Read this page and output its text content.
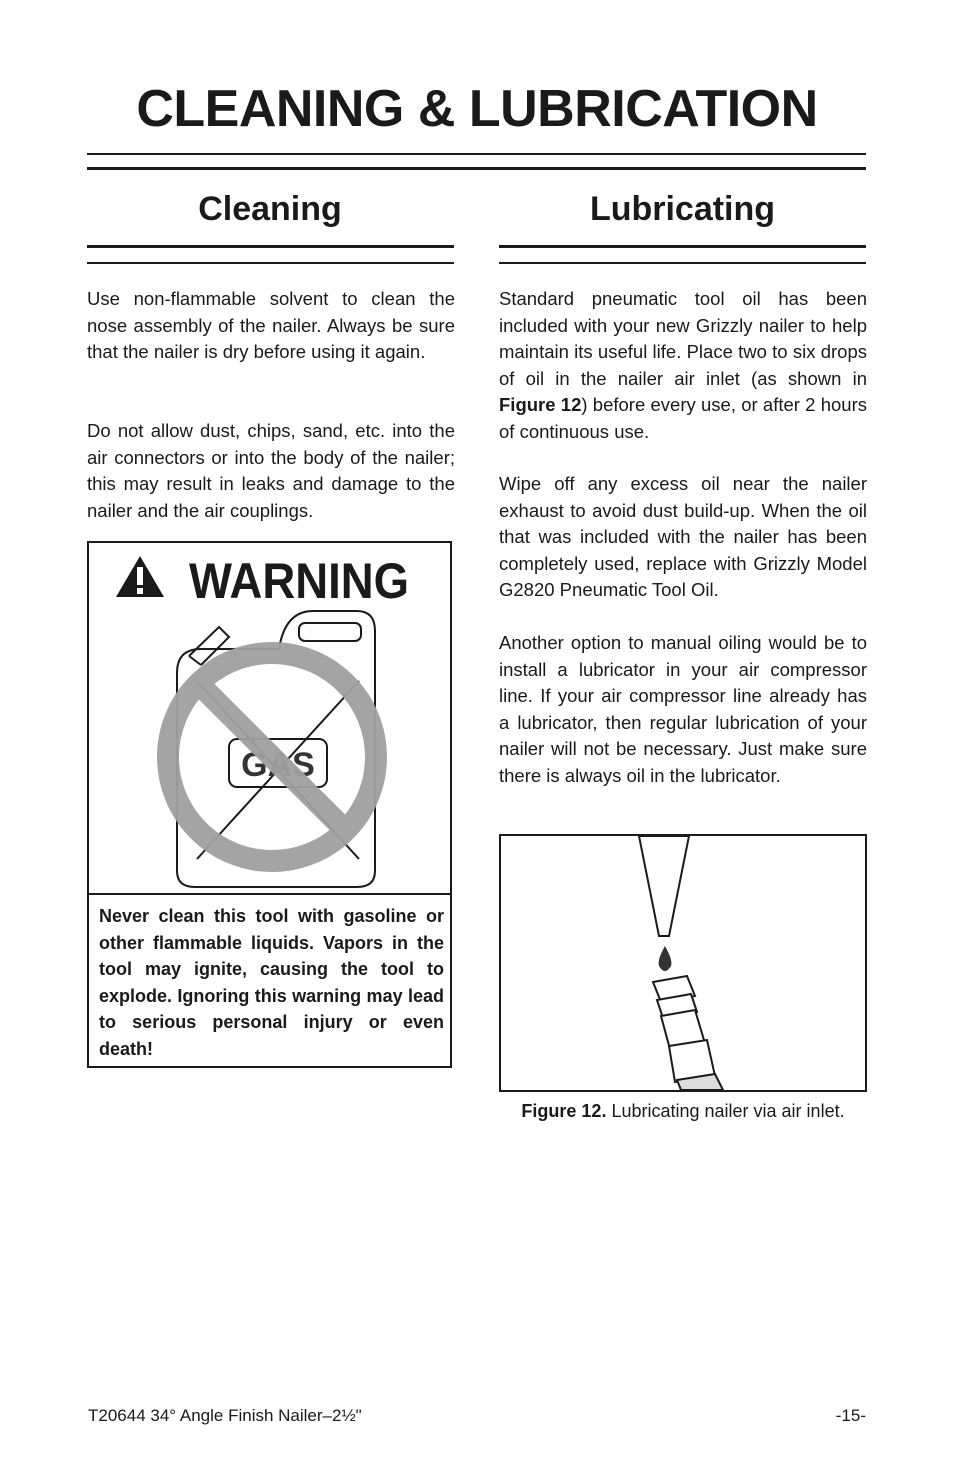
CLEANING & LUBRICATION
Cleaning

Use non-flammable solvent to clean the nose assembly of the nailer. Always be sure that the nailer is dry before using it again.

Do not allow dust, chips, sand, etc. into the air connectors or into the body of the nailer; this may result in leaks and damage to the nailer and the air couplings.

WARNING
GAS

Never clean this tool with gasoline or other flammable liquids. Vapors in the tool may ignite, causing the tool to explode. Ignoring this warning may lead to serious personal injury or even death!

Lubricating

Standard pneumatic tool oil has been included with your new Grizzly nailer to help maintain its useful life. Place two to six drops of oil in the nailer air inlet (as shown in Figure 12) before every use, or after 2 hours of continuous use.

Wipe off any excess oil near the nailer exhaust to avoid dust build-up. When the oil that was included with the nailer has been completely used, replace with Grizzly Model G2820 Pneumatic Tool Oil.

Another option to manual oiling would be to install a lubricator in your air compressor line. If your air compressor line already has a lubricator, then regular lubrication of your nailer will not be necessary. Just make sure there is always oil in the lubricator.

Figure 12. Lubricating nailer via air inlet.

T20644 34° Angle Finish Nailer–2½"	-15-
